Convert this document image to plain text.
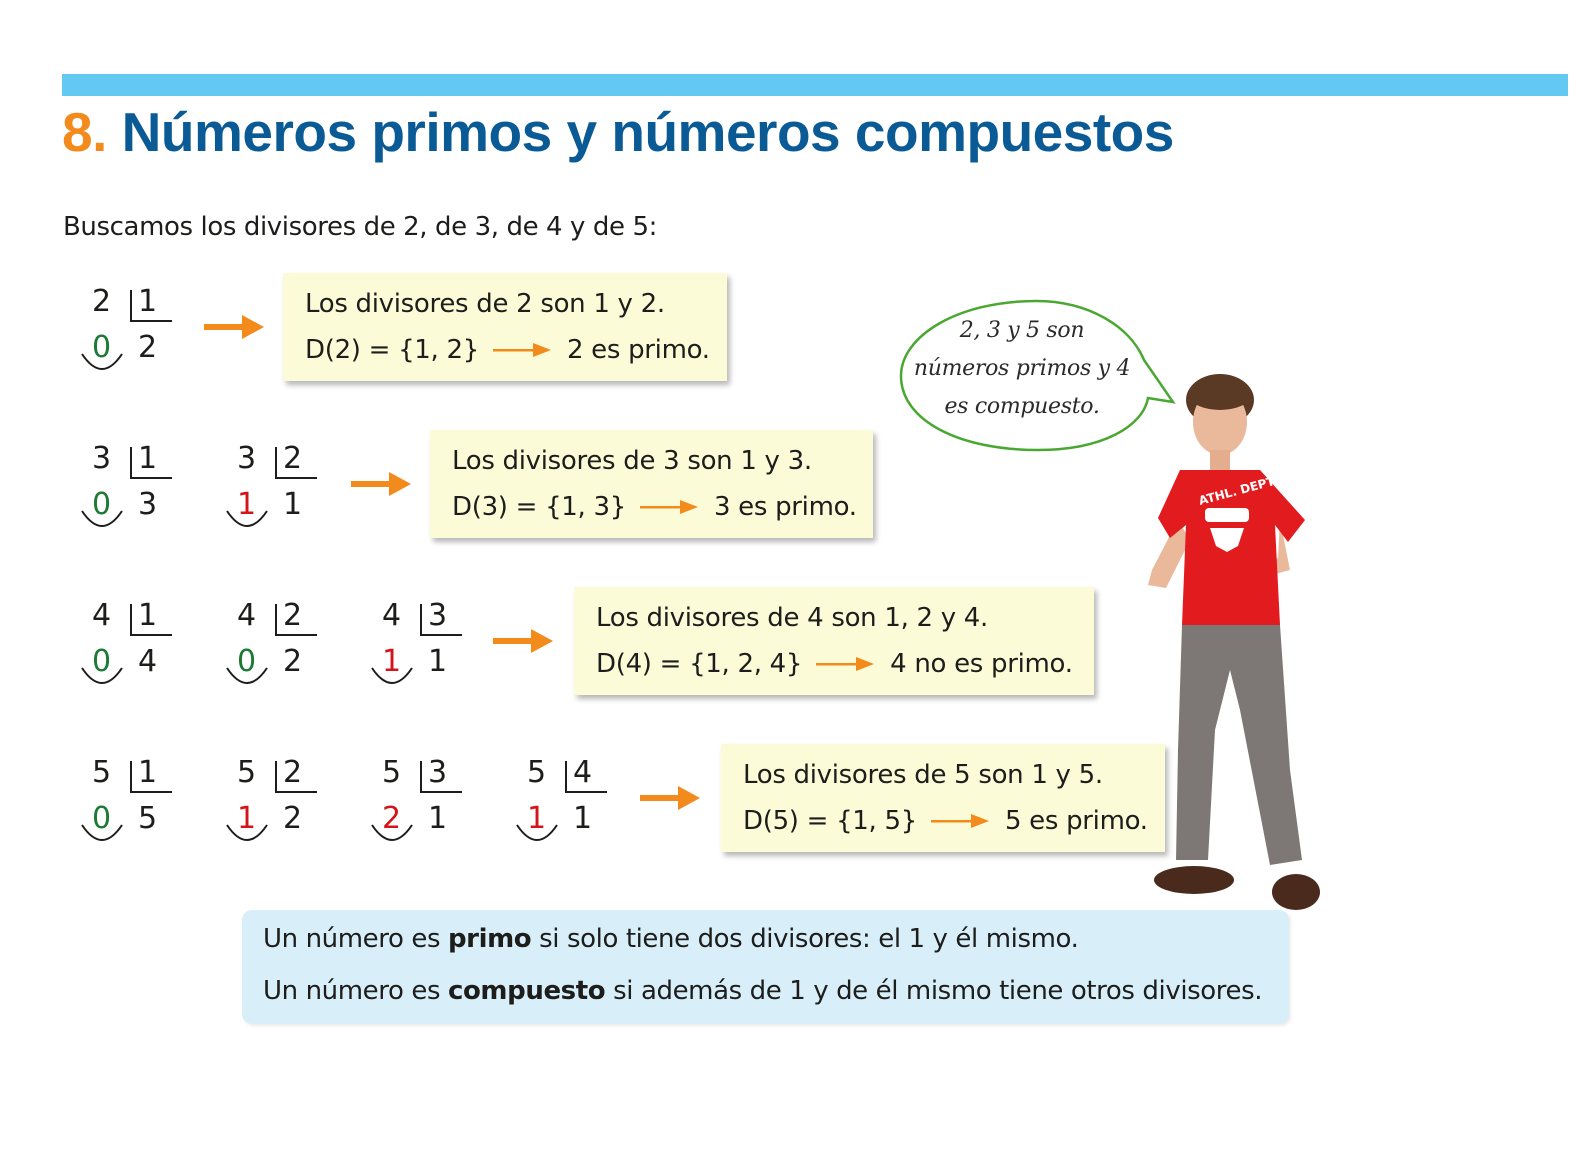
8. Números primos y números compuestos
Buscamos los divisores de 2, de 3, de 4 y de 5:
2 1
0 2
Los divisores de 2 son 1 y 2.
D(2) = {1, 2}	2 es primo.
3 1
0 3
3 2
1 1
Los divisores de 3 son 1 y 3.
D(3) = {1, 3}	3 es primo.
4 1
0 4
4 2
0 2
4 3
1 1
Los divisores de 4 son 1, 2 y 4.
D(4) = {1, 2, 4}	4 no es primo.
5 1
0 5
5 2
1 2
5 3
2 1
5 4
1 1
Los divisores de 5 son 1 y 5.
D(5) = {1, 5}	5 es primo.
2, 3 y 5 son
números primos y 4
es compuesto.
ATHL. DEPT
Un número es primo si solo tiene dos divisores: el 1 y él mismo.
Un número es compuesto si además de 1 y de él mismo tiene otros divisores.
